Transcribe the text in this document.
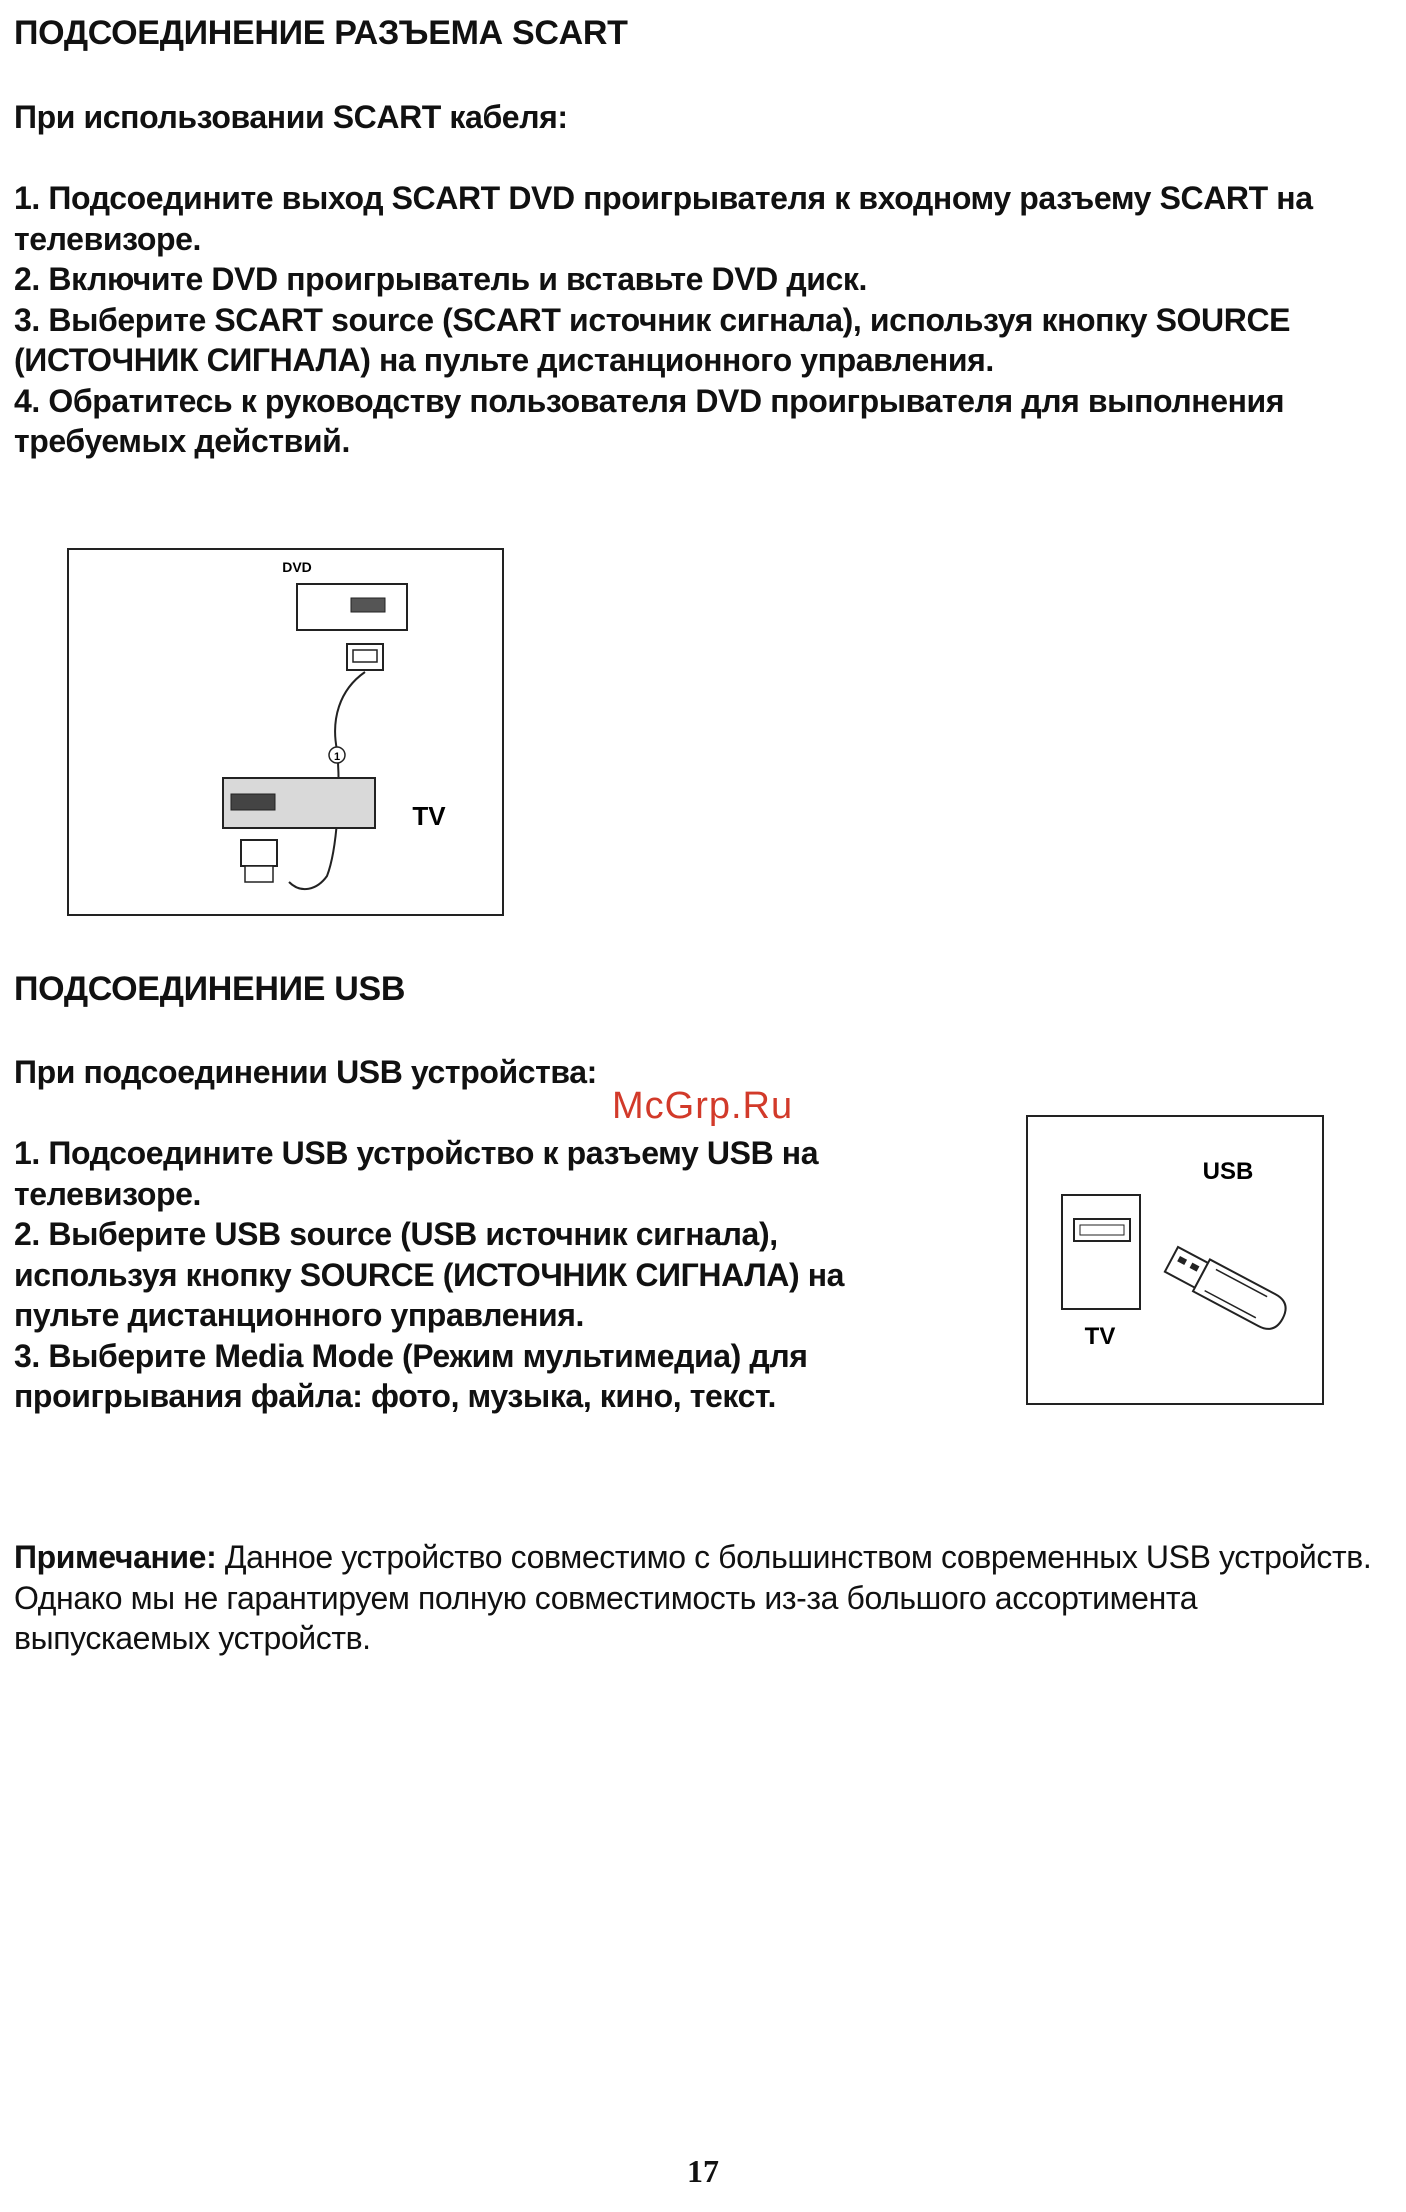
ПОДСОЕДИНЕНИЕ РАЗЪЕМА SCART
При использовании SCART кабеля:
1. Подсоедините выход SCART DVD проигрывателя к входному разъему SCART на телевизоре.
2. Включите DVD проигрыватель и вставьте DVD диск.
3. Выберите SCART source (SCART источник сигнала), используя кнопку SOURCE (ИСТОЧНИК СИГНАЛА) на пульте дистанционного управления.
4. Обратитесь к руководству пользователя DVD проигрывателя для выполнения требуемых действий.
DVD
1
TV
ПОДСОЕДИНЕНИЕ USB
При подсоединении USB устройства:
1. Подсоедините USB устройство к разъему USB на телевизоре.
2. Выберите USB source (USB источник сигнала), используя кнопку SOURCE (ИСТОЧНИК СИГНАЛА) на пульте дистанционного управления.
3. Выберите Media Mode (Режим мультимедиа) для проигрывания файла: фото, музыка, кино, текст.
USB
TV
McGrp.Ru
Примечание: Данное устройство совместимо с большинством современных USB устройств. Однако мы не гарантируем полную совместимость из-за большого ассортимента выпускаемых устройств.
17
